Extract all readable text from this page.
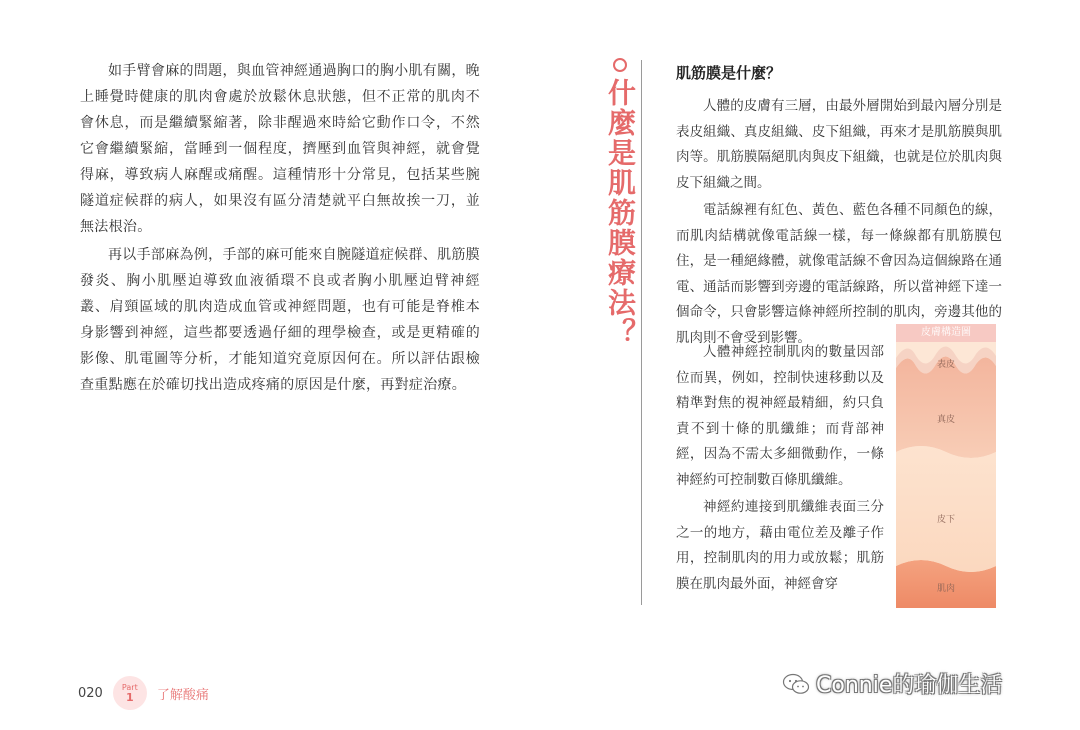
如手臂會麻的問題，與血管神經通過胸口的胸小肌有關，晚上睡覺時健康的肌肉會處於放鬆休息狀態，但不正常的肌肉不會休息，而是繼續緊縮著，除非醒過來時給它動作口令，不然它會繼續緊縮，當睡到一個程度，擠壓到血管與神經，就會覺得麻，導致病人麻醒或痛醒。這種情形十分常見，包括某些腕隧道症候群的病人，如果沒有區分清楚就平白無故挨一刀，並無法根治。

再以手部麻為例，手部的麻可能來自腕隧道症候群、肌筋膜發炎、胸小肌壓迫導致血液循環不良或者胸小肌壓迫臂神經叢、肩頸區域的肌肉造成血管或神經問題，也有可能是脊椎本身影響到神經，這些都要透過仔細的理學檢查，或是更精確的影像、肌電圖等分析，才能知道究竟原因何在。所以評估跟檢查重點應在於確切找出造成疼痛的原因是什麼，再對症治療。

020 Part
1 了解酸痛
什麼是肌筋膜療法？
肌筋膜是什麼？

人體的皮膚有三層，由最外層開始到最內層分別是表皮組織、真皮組織、皮下組織，再來才是肌筋膜與肌肉等。肌筋膜隔絕肌肉與皮下組織，也就是位於肌肉與皮下組織之間。

電話線裡有紅色、黃色、藍色各種不同顏色的線，而肌肉結構就像電話線一樣，每一條線都有肌筋膜包住，是一種絕緣體，就像電話線不會因為這個線路在通電、通話而影響到旁邊的電話線路，所以當神經下達一個命令，只會影響這條神經所控制的肌肉，旁邊其他的肌肉則不會受到影響。

人體神經控制肌肉的數量因部位而異，例如，控制快速移動以及精準對焦的視神經最精細，約只負責不到十條的肌纖維；而背部神經，因為不需太多細微動作，一條神經約可控制數百條肌纖維。

神經約連接到肌纖維表面三分之一的地方，藉由電位差及離子作用，控制肌肉的用力或放鬆；肌筋膜在肌肉最外面，神經會穿

皮膚構造圖
表皮
真皮
皮下
肌肉
Connie的瑜伽生活
